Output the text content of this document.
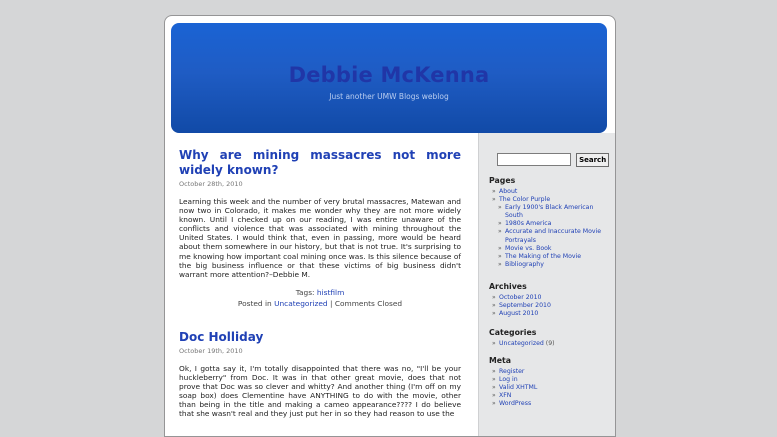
Debbie McKenna
Just another UMW Blogs weblog
Why are mining massacres not more widely known?
October 28th, 2010
Learning this week and the number of very brutal massacres, Matewan and now two in Colorado, it makes me wonder why they are not more widely known. Until I checked up on our reading, I was entire unaware of the conflicts and violence that was associated with mining throughout the United States. I would think that, even in passing, more would be heard about them somewhere in our history, but that is not true. It's surprising to me knowing how important coal mining once was. Is this silence because of the big business influence or that these victims of big business didn't warrant more attention?–Debbie M.
Tags: histfilm
Posted in Uncategorized | Comments Closed
Doc Holliday
October 19th, 2010
Ok, I gotta say it, I'm totally disappointed that there was no, "I'll be your huckleberry" from Doc. It was in that other great movie, does that not prove that Doc was so clever and whitty? And another thing (I'm off on my soap box) does Clementine have ANYTHING to do with the movie, other than being in the title and making a cameo appearance???? I do believe that she wasn't real and they just put her in so they had reason to use the
Search
Pages
» About
» The Color Purple
» Early 1900's Black American South
» 1980s America
» Accurate and Inaccurate Movie Portrayals
» Movie vs. Book
» The Making of the Movie
» Bibliography
Archives
» October 2010
» September 2010
» August 2010
Categories
» Uncategorized (9)
Meta
» Register
» Log in
» Valid XHTML
» XFN
» WordPress
